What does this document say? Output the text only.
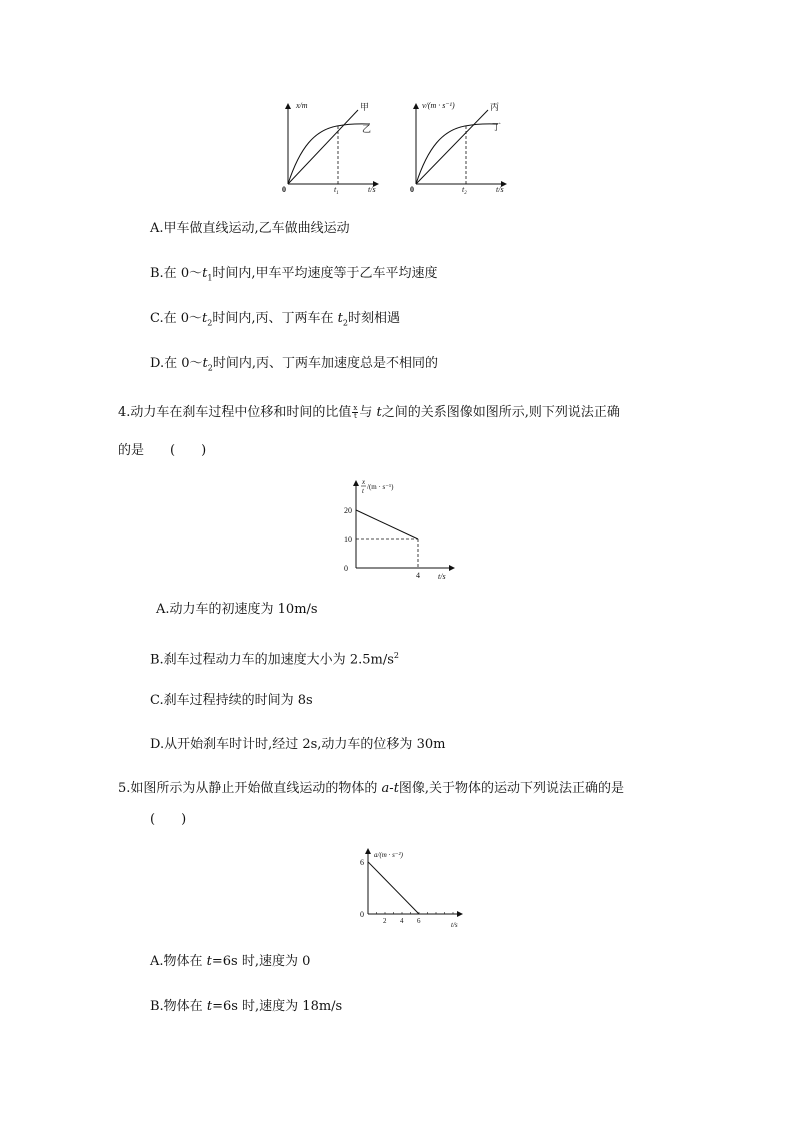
x/m	甲
乙
0	$t_1$	t/s
v/(m · s⁻¹)	丙
丁
0	$t_2$	t/s
A.甲车做直线运动,乙车做曲线运动
B.在 $0\sim t_1$时间内,甲车平均速度等于乙车平均速度
C.在 $0\sim t_2$时间内,丙、丁两车在 $t_2$时刻相遇
D.在 $0\sim t_2$时间内,丙、丁两车加速度总是不相同的
4.动力车在刹车过程中位移和时间的比值 $\frac{x}{t}$ 与 t之间的关系图像如图所示,则下列说法正确
的是　　(　　)
x
t /(m · s⁻¹)
t/s
20
10
0
4
A.动力车的初速度为 10m/s
B.刹车过程动力车的加速度大小为 $2.5m/s^2$
C.刹车过程持续的时间为 8s
D.从开始刹车时计时,经过 2s,动力车的位移为 30m
5.如图所示为从静止开始做直线运动的物体的 a-t图像,关于物体的运动下列说法正确的是
(　　)
a/(m · s⁻²)
t/s
6
0
2 4 6
A.物体在 t=6s 时,速度为 0
B.物体在 t=6s 时,速度为 18m/s
